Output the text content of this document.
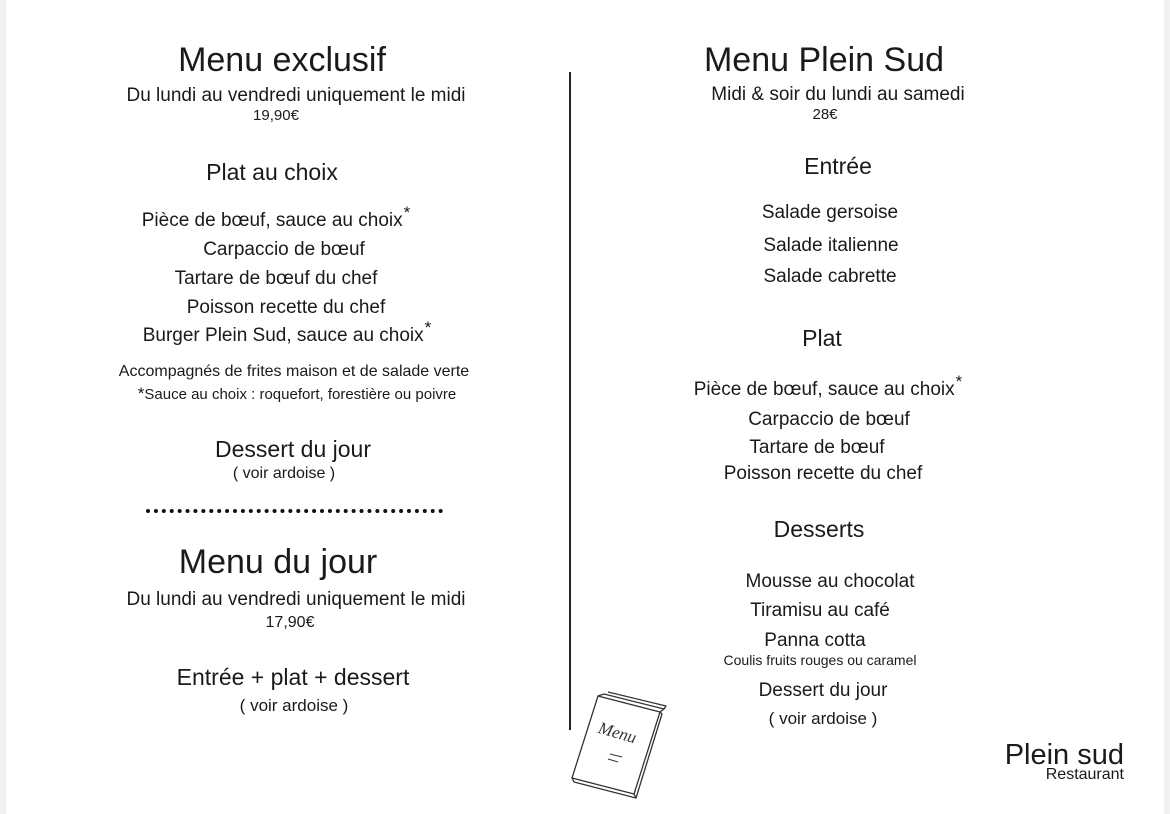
Menu exclusif
Du lundi au vendredi uniquement le midi
19,90€
Plat au choix
Pièce de bœuf, sauce au choix*
Carpaccio de bœuf
Tartare de bœuf du chef
Poisson recette du chef
Burger Plein Sud, sauce au choix*
Accompagnés de frites maison et de salade verte
*Sauce au choix : roquefort, forestière ou poivre
Dessert du jour
( voir ardoise )
Menu du jour
Du lundi au vendredi uniquement le midi
17,90€
Entrée + plat + dessert
( voir ardoise )
Menu Plein Sud
Midi & soir du lundi au samedi
28€
Entrée
Salade gersoise
Salade italienne
Salade cabrette
Plat
Pièce de bœuf, sauce au choix*
Carpaccio de bœuf
Tartare de bœuf
Poisson recette du chef
Desserts
Mousse au chocolat
Tiramisu au café
Panna cotta
Coulis fruits rouges ou caramel
Dessert du jour
( voir ardoise )
Menu
Plein sud
Restaurant
